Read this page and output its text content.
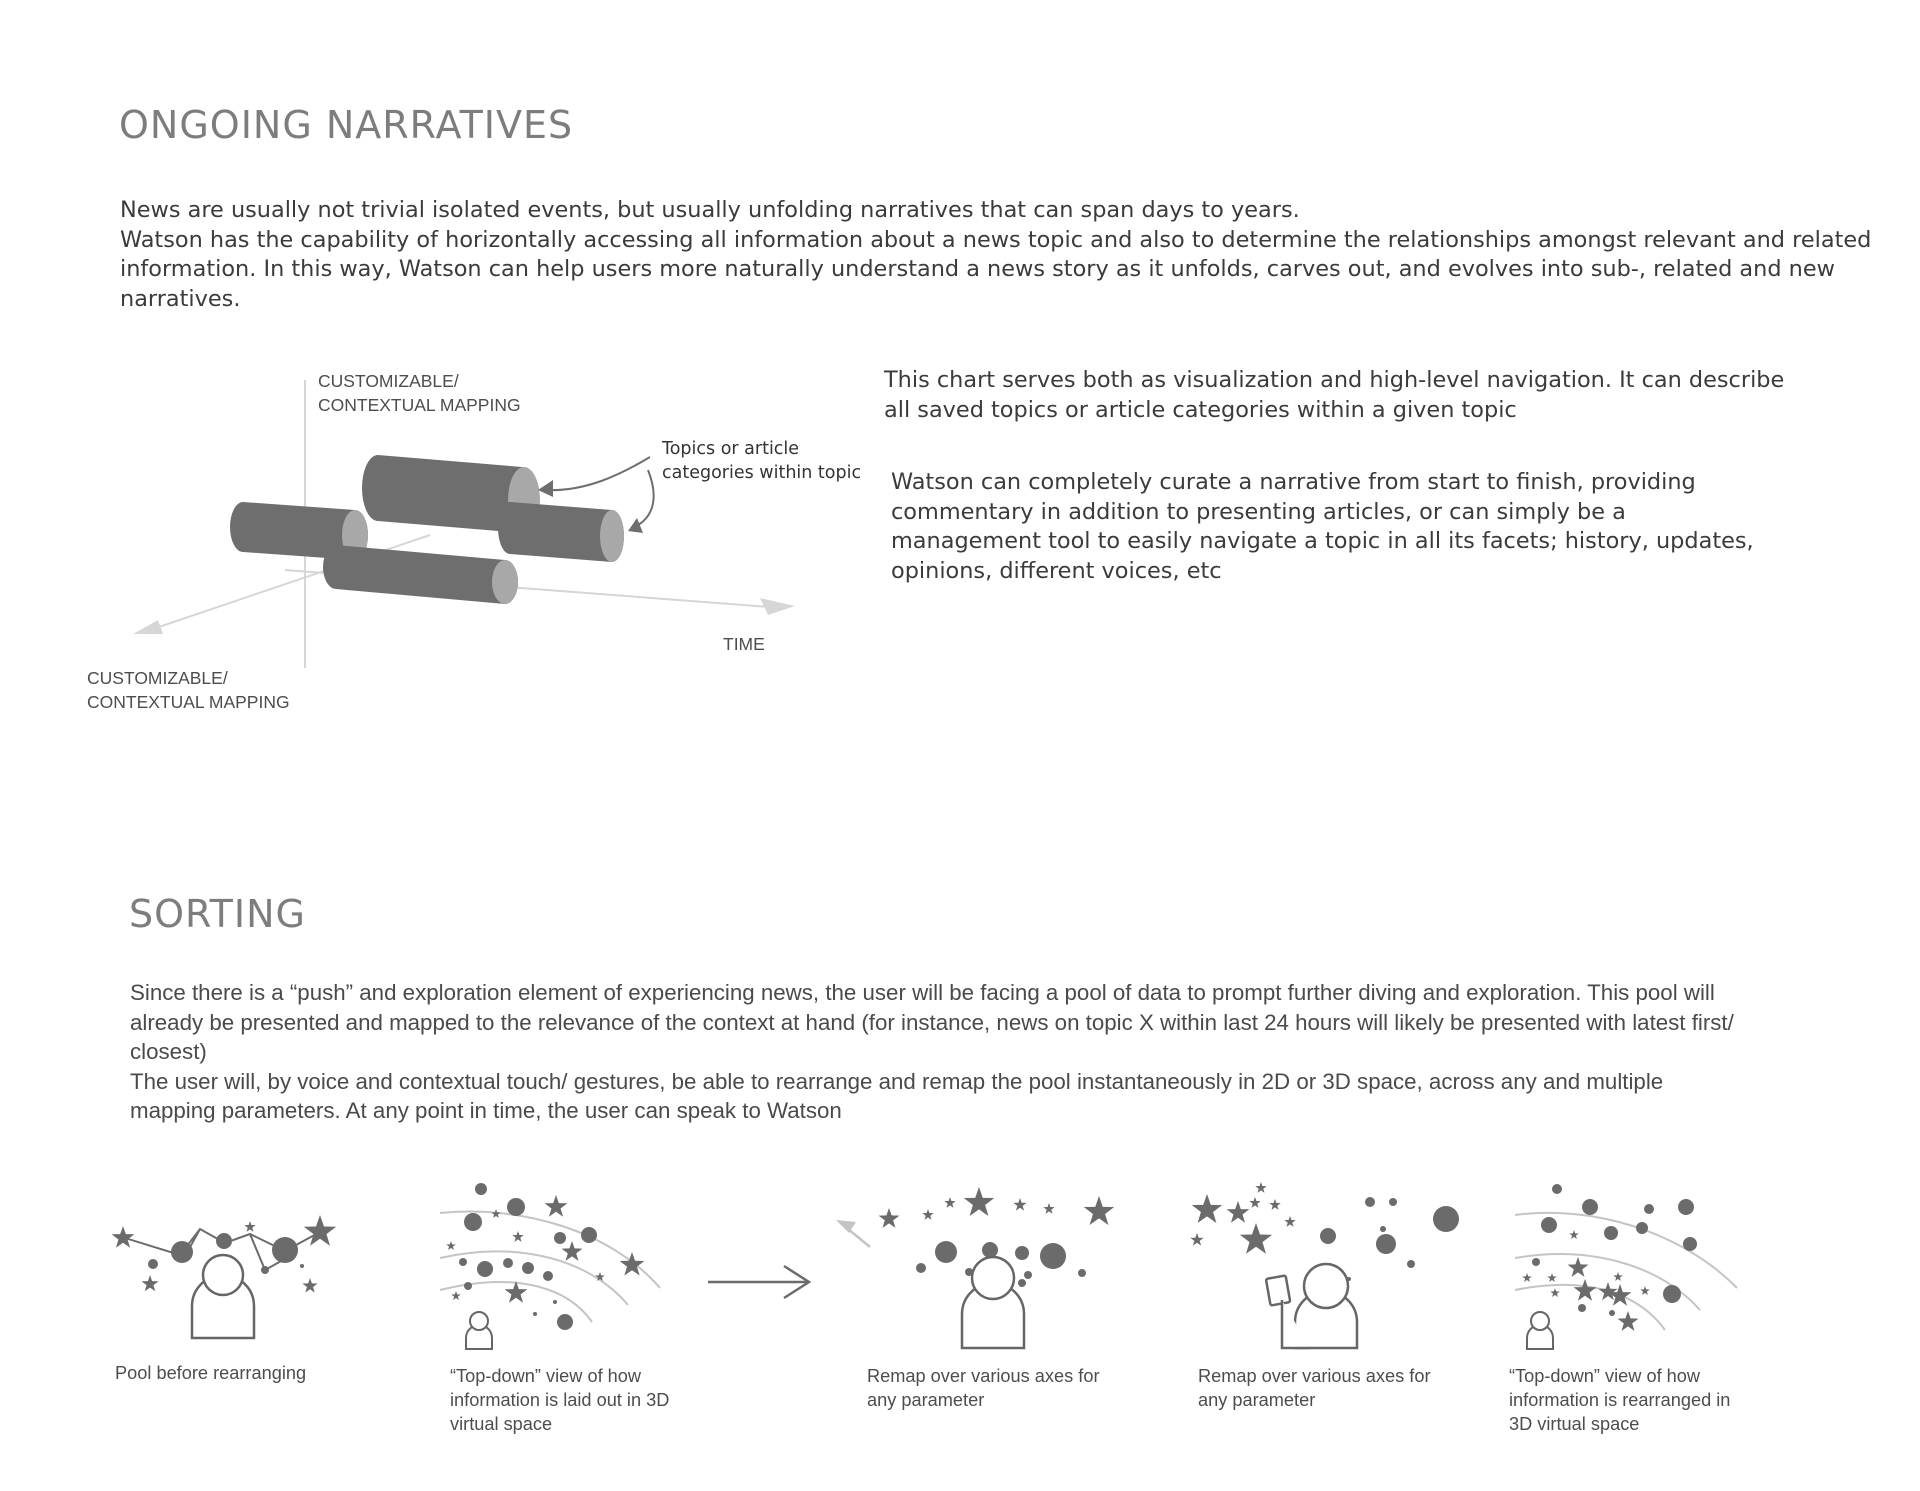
ONGOING NARRATIVES
News are usually not trivial isolated events, but usually unfolding narratives that can span days to years.
Watson has the capability of horizontally accessing all information about a news topic and also to determine the relationships amongst relevant and related
information. In this way, Watson can help users more naturally understand a news story as it unfolds, carves out, and evolves into sub-, related and new
narratives.
CUSTOMIZABLE/
CONTEXTUAL MAPPING
Topics or article
categories within topic
TIME
CUSTOMIZABLE/
CONTEXTUAL MAPPING
This chart serves both as visualization and high-level navigation. It can describe
all saved topics or article categories within a given topic
Watson can completely curate a narrative from start to finish, providing
commentary in addition to presenting articles, or can simply be a
management tool to easily navigate a topic in all its facets; history, updates,
opinions, different voices, etc
SORTING
Since there is a “push” and exploration element of experiencing news, the user will be facing a pool of data to prompt further diving and exploration. This pool will
already be presented and mapped to the relevance of the context at hand (for instance, news on topic X within last 24 hours will likely be presented with latest first/
closest)
The user will, by voice and contextual touch/ gestures, be able to rearrange and remap the pool instantaneously in 2D or 3D space, across any and multiple
mapping parameters. At any point in time, the user can speak to Watson
Pool before rearranging	“Top-down” view of how
information is laid out in 3D
virtual space
Remap over various axes for
any parameter
Remap over various axes for
any parameter
“Top-down” view of how
information is rearranged in
3D virtual space
